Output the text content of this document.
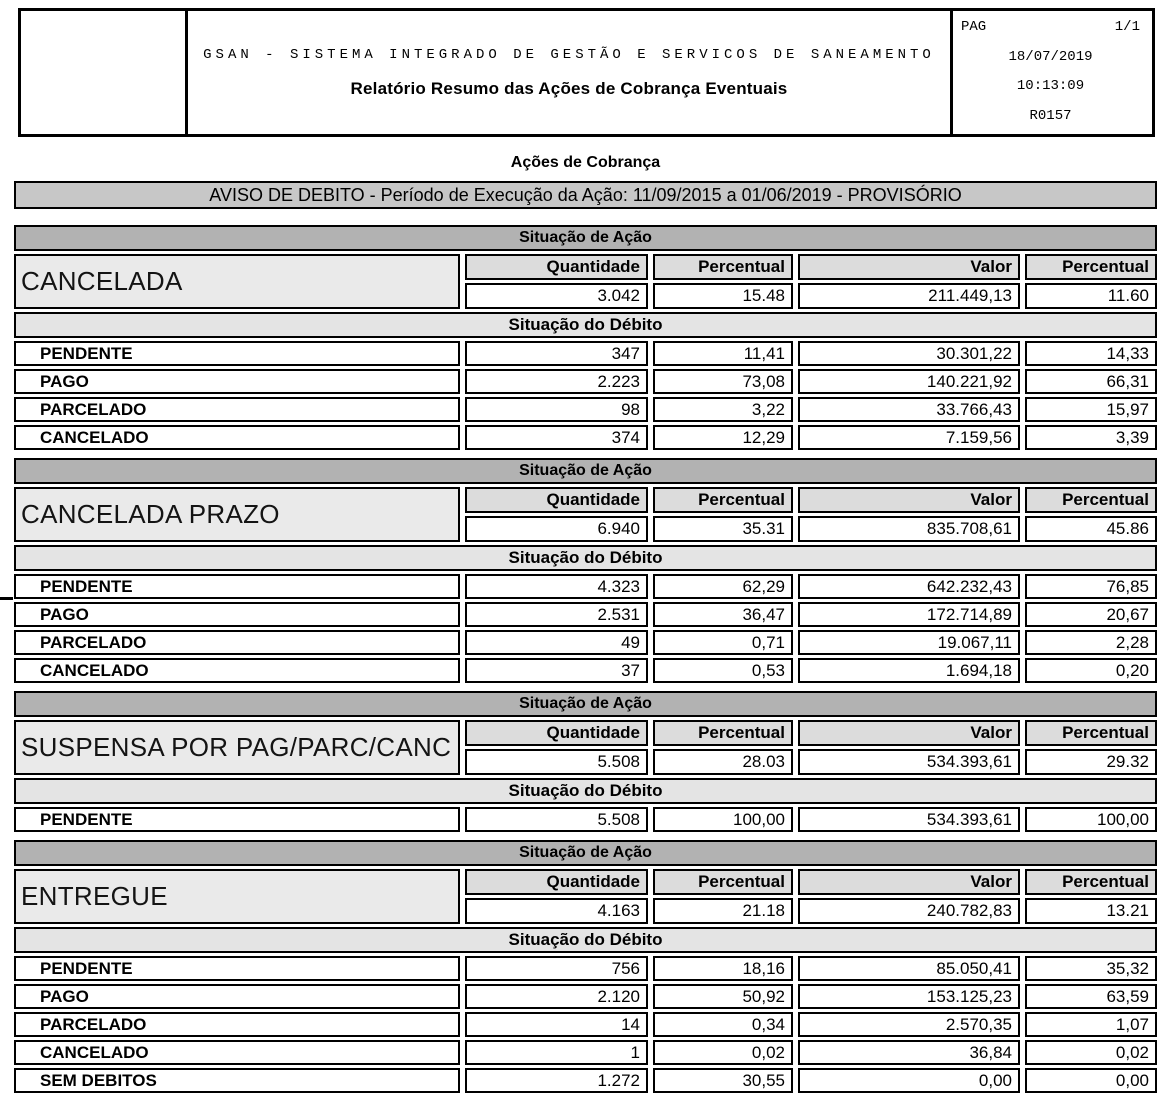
GSAN - SISTEMA INTEGRADO DE GESTÃO E SERVICOS DE SANEAMENTO
Relatório Resumo das Ações de Cobrança Eventuais
PAG	1/1
18/07/2019
10:13:09
R0157
Ações de Cobrança
AVISO DE DEBITO - Período de Execução da Ação: 11/09/2015 a 01/06/2019 - PROVISÓRIO
Situação de Ação
CANCELADA	Quantidade	Percentual	Valor	Percentual
3.042	15.48	211.449,13	11.60
Situação do Débito
PENDENTE	347	11,41	30.301,22	14,33
PAGO	2.223	73,08	140.221,92	66,31
PARCELADO	98	3,22	33.766,43	15,97
CANCELADO	374	12,29	7.159,56	3,39
Situação de Ação
CANCELADA PRAZO	Quantidade	Percentual	Valor	Percentual
6.940	35.31	835.708,61	45.86
Situação do Débito
PENDENTE	4.323	62,29	642.232,43	76,85
PAGO	2.531	36,47	172.714,89	20,67
PARCELADO	49	0,71	19.067,11	2,28
CANCELADO	37	0,53	1.694,18	0,20
Situação de Ação
SUSPENSA POR PAG/PARC/CANC	Quantidade	Percentual	Valor	Percentual
5.508	28.03	534.393,61	29.32
Situação do Débito
PENDENTE	5.508	100,00	534.393,61	100,00
Situação de Ação
ENTREGUE	Quantidade	Percentual	Valor	Percentual
4.163	21.18	240.782,83	13.21
Situação do Débito
PENDENTE	756	18,16	85.050,41	35,32
PAGO	2.120	50,92	153.125,23	63,59
PARCELADO	14	0,34	2.570,35	1,07
CANCELADO	1	0,02	36,84	0,02
SEM DEBITOS	1.272	30,55	0,00	0,00
